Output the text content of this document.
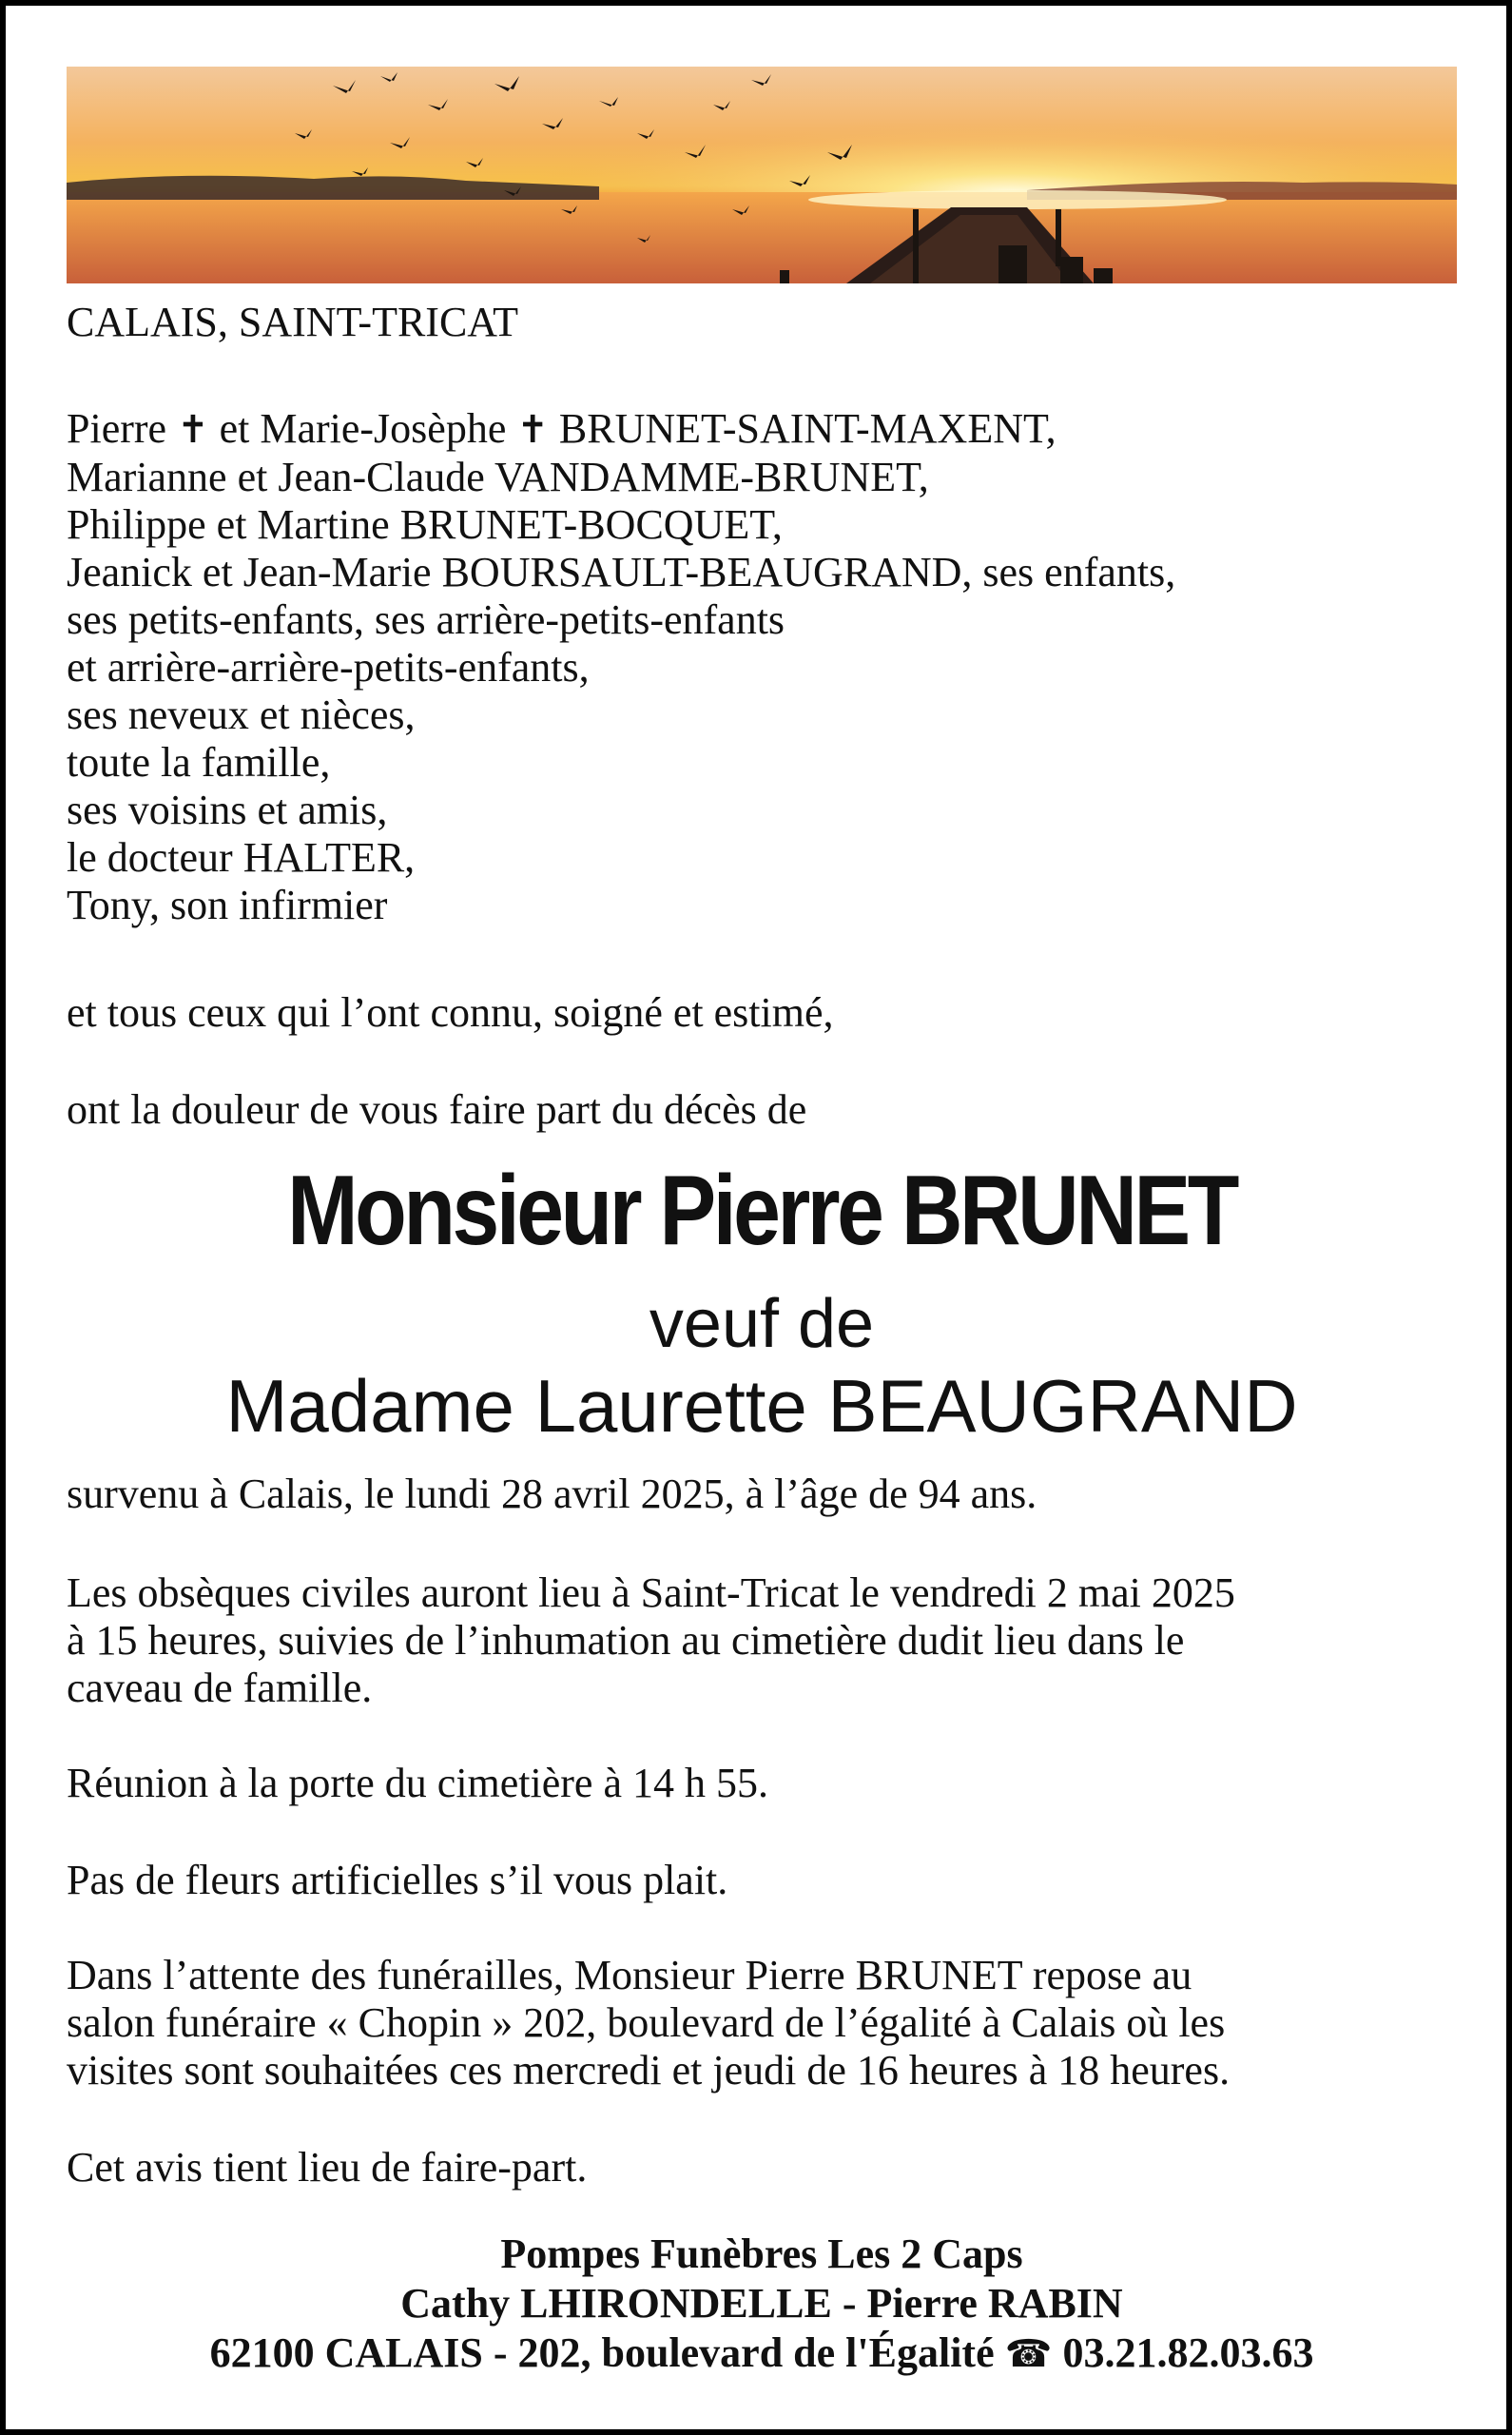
CALAIS, SAINT-TRICAT
Pierre ✝ et Marie-Josèphe ✝ BRUNET-SAINT-MAXENT,
Marianne et Jean-Claude VANDAMME-BRUNET,
Philippe et Martine BRUNET-BOCQUET,
Jeanick et Jean-Marie BOURSAULT-BEAUGRAND, ses enfants,
ses petits-enfants, ses arrière-petits-enfants
et arrière-arrière-petits-enfants,
ses neveux et nièces,
toute la famille,
ses voisins et amis,
le docteur HALTER,
Tony, son infirmier
et tous ceux qui l’ont connu, soigné et estimé,
ont la douleur de vous faire part du décès de
Monsieur Pierre BRUNET
veuf de
Madame Laurette BEAUGRAND
survenu à Calais, le lundi 28 avril 2025, à l’âge de 94 ans.
Les obsèques civiles auront lieu à Saint-Tricat le vendredi 2 mai 2025
à 15 heures, suivies de l’inhumation au cimetière dudit lieu dans le
caveau de famille.
Réunion à la porte du cimetière à 14 h 55.
Pas de fleurs artificielles s’il vous plait.
Dans l’attente des funérailles, Monsieur Pierre BRUNET repose au
salon funéraire « Chopin » 202, boulevard de l’égalité à Calais où les
visites sont souhaitées ces mercredi et jeudi de 16 heures à 18 heures.
Cet avis tient lieu de faire-part.
Pompes Funèbres Les 2 Caps
Cathy LHIRONDELLE - Pierre RABIN
62100 CALAIS - 202, boulevard de l'Égalité ☎ 03.21.82.03.63
